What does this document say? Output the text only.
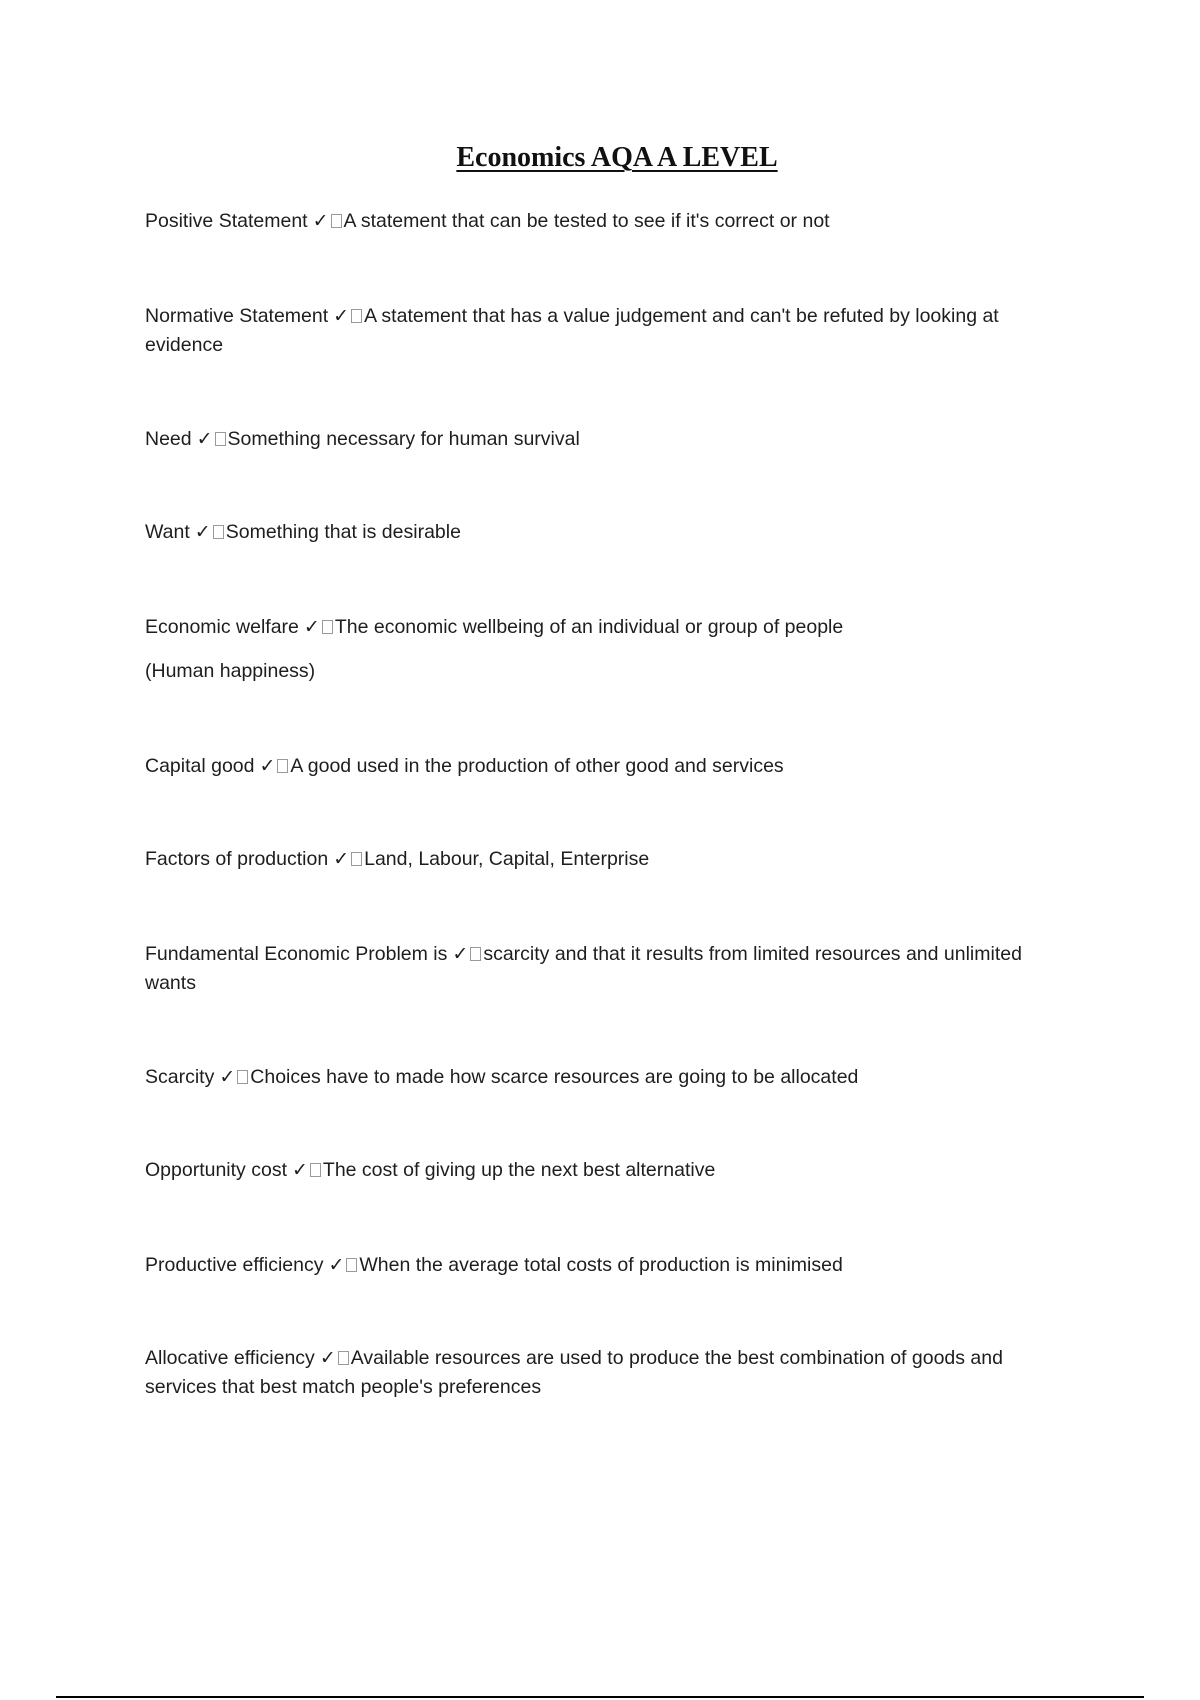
Economics AQA A LEVEL
Positive Statement ✓ A statement that can be tested to see if it's correct or not
Normative Statement ✓ A statement that has a value judgement and can't be refuted by looking at evidence
Need ✓ Something necessary for human survival
Want ✓ Something that is desirable
Economic welfare ✓ The economic wellbeing of an individual or group of people
(Human happiness)
Capital good ✓ A good used in the production of other good and services
Factors of production ✓ Land, Labour, Capital, Enterprise
Fundamental Economic Problem is ✓ scarcity and that it results from limited resources and unlimited wants
Scarcity ✓ Choices have to made how scarce resources are going to be allocated
Opportunity cost ✓ The cost of giving up the next best alternative
Productive efficiency ✓ When the average total costs of production is minimised
Allocative efficiency ✓ Available resources are used to produce the best combination of goods and services that best match people's preferences
